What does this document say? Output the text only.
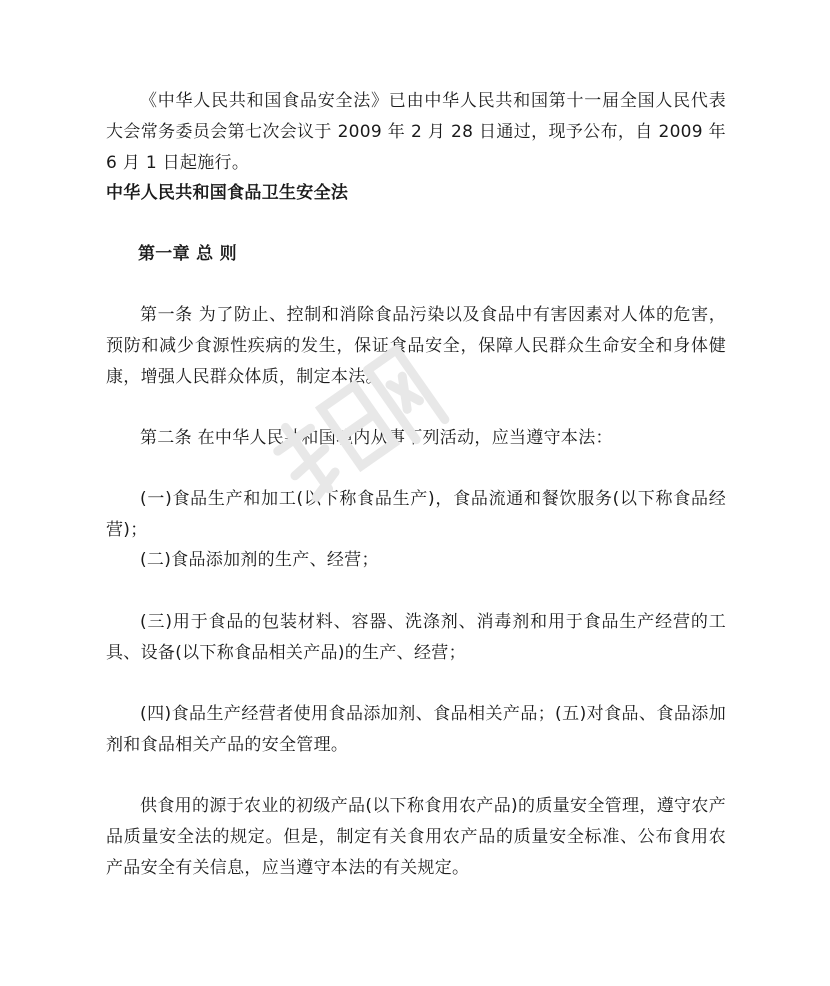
《中华人民共和国食品安全法》已由中华人民共和国第十一届全国人民代表大会常务委员会第七次会议于 2009 年 2 月 28 日通过，现予公布，自 2009 年 6 月 1 日起施行。

中华人民共和国食品卫生安全法

第一章 总 则

第一条 为了防止、控制和消除食品污染以及食品中有害因素对人体的危害，预防和减少食源性疾病的发生，保证食品安全，保障人民群众生命安全和身体健康，增强人民群众体质，制定本法。

第二条 在中华人民共和国境内从事下列活动，应当遵守本法：

(一)食品生产和加工(以下称食品生产)，食品流通和餐饮服务(以下称食品经营)；

(二)食品添加剂的生产、经营；

(三)用于食品的包装材料、容器、洗涤剂、消毒剂和用于食品生产经营的工具、设备(以下称食品相关产品)的生产、经营；

(四)食品生产经营者使用食品添加剂、食品相关产品；(五)对食品、食品添加剂和食品相关产品的安全管理。

供食用的源于农业的初级产品(以下称食用农产品)的质量安全管理，遵守农产品质量安全法的规定。但是，制定有关食用农产品的质量安全标准、公布食用农产品安全有关信息，应当遵守本法的有关规定。
